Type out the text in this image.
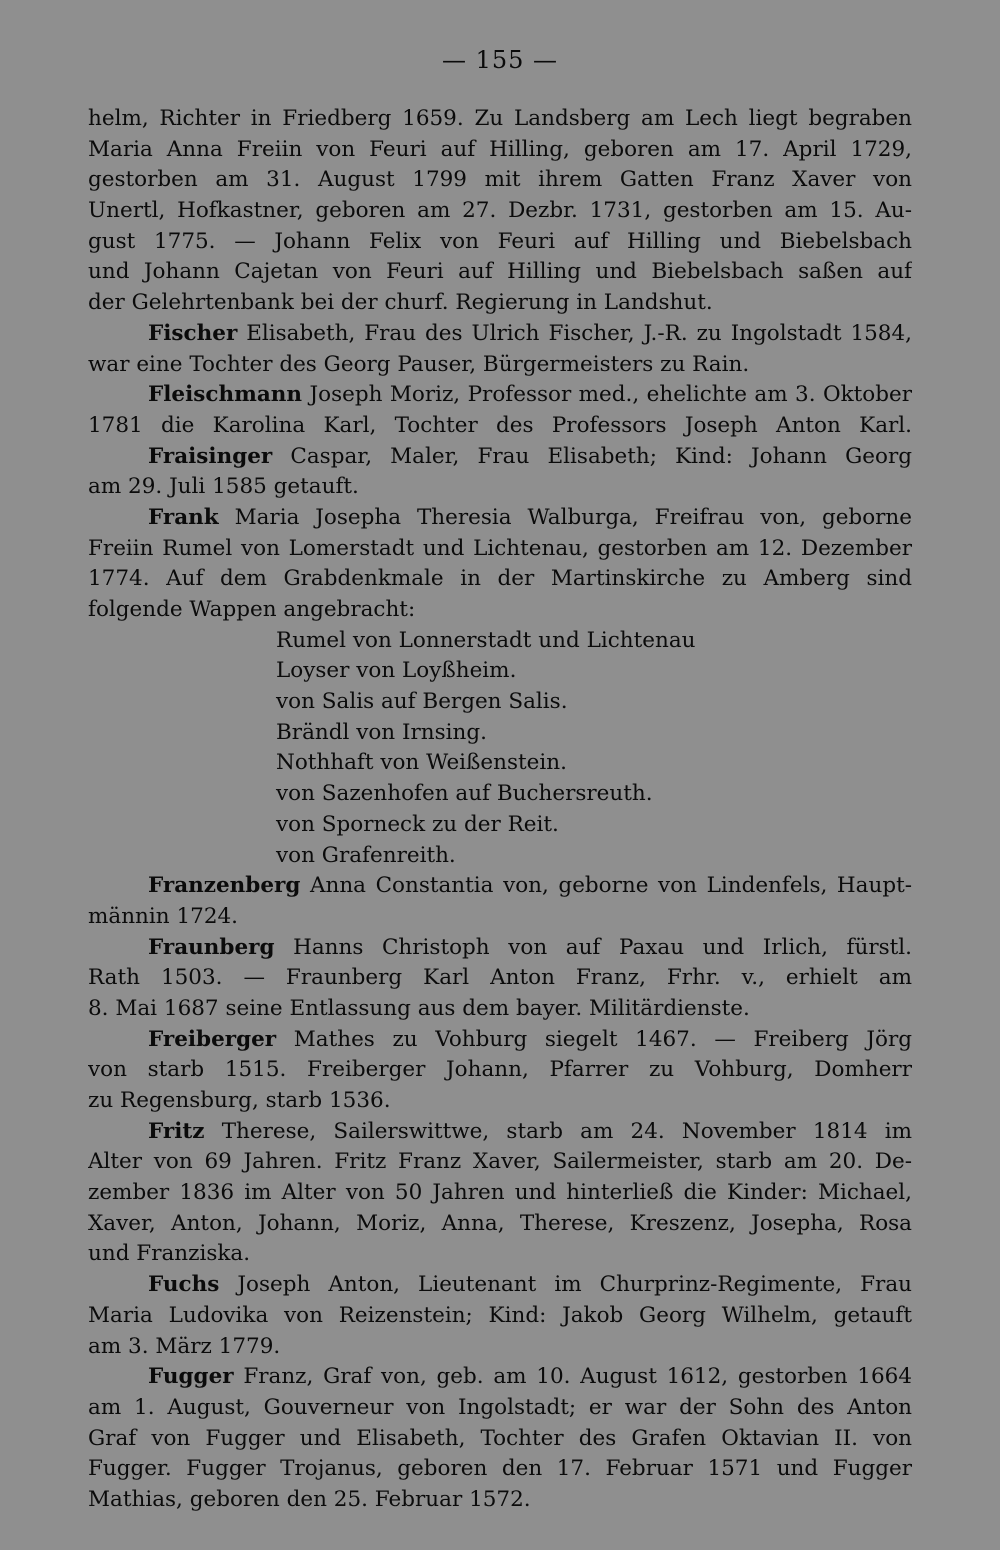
— 155 —
helm, Richter in Friedberg 1659. Zu Landsberg am Lech liegt begraben
Maria Anna Freiin von Feuri auf Hilling, geboren am 17. April 1729,
gestorben am 31. August 1799 mit ihrem Gatten Franz Xaver von
Unertl, Hofkastner, geboren am 27. Dezbr. 1731, gestorben am 15. Au-
gust 1775. — Johann Felix von Feuri auf Hilling und Biebelsbach
und Johann Cajetan von Feuri auf Hilling und Biebelsbach saßen auf
der Gelehrtenbank bei der churf. Regierung in Landshut.
Fischer Elisabeth, Frau des Ulrich Fischer, J.-R. zu Ingolstadt 1584,
war eine Tochter des Georg Pauser, Bürgermeisters zu Rain.
Fleischmann Joseph Moriz, Professor med., ehelichte am 3. Oktober
1781 die Karolina Karl, Tochter des Professors Joseph Anton Karl.
Fraisinger Caspar, Maler, Frau Elisabeth; Kind: Johann Georg
am 29. Juli 1585 getauft.
Frank Maria Josepha Theresia Walburga, Freifrau von, geborne
Freiin Rumel von Lomerstadt und Lichtenau, gestorben am 12. Dezember
1774. Auf dem Grabdenkmale in der Martinskirche zu Amberg sind
folgende Wappen angebracht:
Rumel von Lonnerstadt und Lichtenau
Loyser von Loyßheim.
von Salis auf Bergen Salis.
Brändl von Irnsing.
Nothhaft von Weißenstein.
von Sazenhofen auf Buchersreuth.
von Sporneck zu der Reit.
von Grafenreith.
Franzenberg Anna Constantia von, geborne von Lindenfels, Haupt-
männin 1724.
Fraunberg Hanns Christoph von auf Paxau und Irlich, fürstl.
Rath 1503. — Fraunberg Karl Anton Franz, Frhr. v., erhielt am
8. Mai 1687 seine Entlassung aus dem bayer. Militärdienste.
Freiberger Mathes zu Vohburg siegelt 1467. — Freiberg Jörg
von starb 1515. Freiberger Johann, Pfarrer zu Vohburg, Domherr
zu Regensburg, starb 1536.
Fritz Therese, Sailerswittwe, starb am 24. November 1814 im
Alter von 69 Jahren. Fritz Franz Xaver, Sailermeister, starb am 20. De-
zember 1836 im Alter von 50 Jahren und hinterließ die Kinder: Michael,
Xaver, Anton, Johann, Moriz, Anna, Therese, Kreszenz, Josepha, Rosa
und Franziska.
Fuchs Joseph Anton, Lieutenant im Churprinz-Regimente, Frau
Maria Ludovika von Reizenstein; Kind: Jakob Georg Wilhelm, getauft
am 3. März 1779.
Fugger Franz, Graf von, geb. am 10. August 1612, gestorben 1664
am 1. August, Gouverneur von Ingolstadt; er war der Sohn des Anton
Graf von Fugger und Elisabeth, Tochter des Grafen Oktavian II. von
Fugger. Fugger Trojanus, geboren den 17. Februar 1571 und Fugger
Mathias, geboren den 25. Februar 1572.
